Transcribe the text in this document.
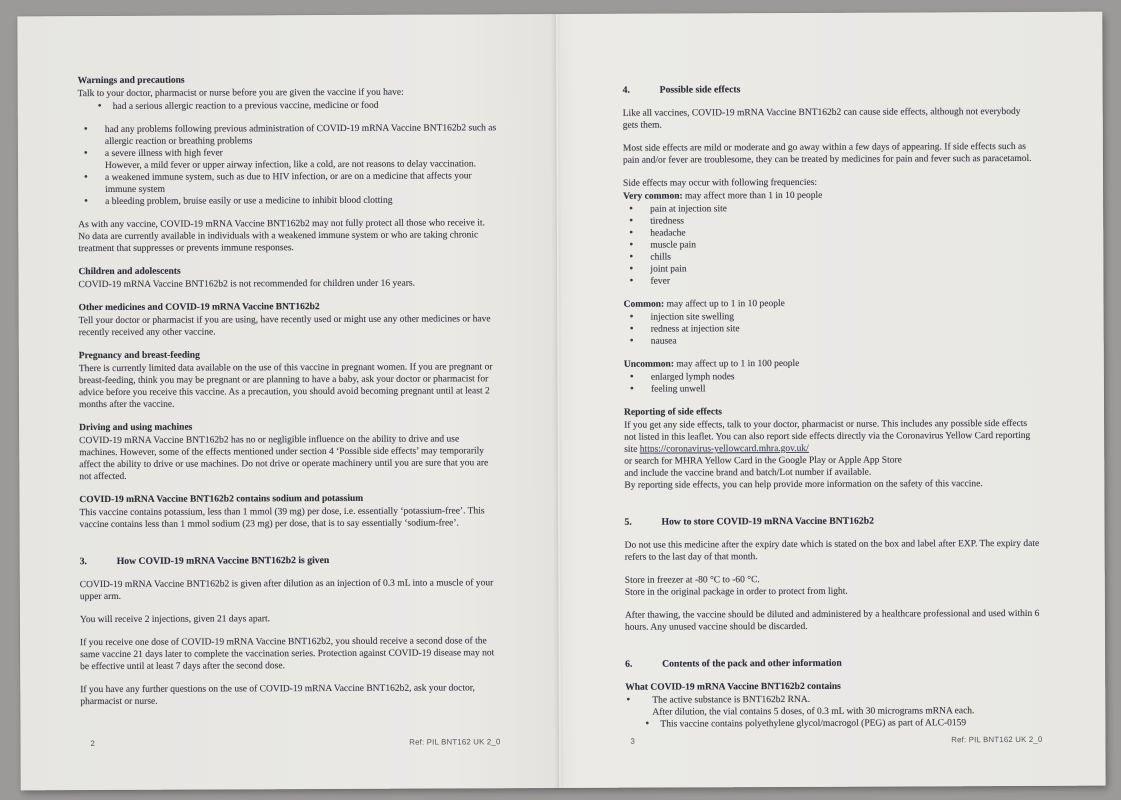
Warnings and precautions

Talk to your doctor, pharmacist or nurse before you are given the vaccine if you have:

• had a serious allergic reaction to a previous vaccine, medicine or food
• had any problems following previous administration of COVID-19 mRNA Vaccine BNT162b2 such as allergic reaction or breathing problems
• a severe illness with high fever
However, a mild fever or upper airway infection, like a cold, are not reasons to delay vaccination.
• a weakened immune system, such as due to HIV infection, or are on a medicine that affects your immune system
• a bleeding problem, bruise easily or use a medicine to inhibit blood clotting

As with any vaccine, COVID-19 mRNA Vaccine BNT162b2 may not fully protect all those who receive it. No data are currently available in individuals with a weakened immune system or who are taking chronic treatment that suppresses or prevents immune responses.

Children and adolescents

COVID-19 mRNA Vaccine BNT162b2 is not recommended for children under 16 years.

Other medicines and COVID-19 mRNA Vaccine BNT162b2

Tell your doctor or pharmacist if you are using, have recently used or might use any other medicines or have recently received any other vaccine.

Pregnancy and breast-feeding

There is currently limited data available on the use of this vaccine in pregnant women. If you are pregnant or breast-feeding, think you may be pregnant or are planning to have a baby, ask your doctor or pharmacist for advice before you receive this vaccine. As a precaution, you should avoid becoming pregnant until at least 2 months after the vaccine.

Driving and using machines

COVID-19 mRNA Vaccine BNT162b2 has no or negligible influence on the ability to drive and use machines. However, some of the effects mentioned under section 4 ‘Possible side effects’ may temporarily affect the ability to drive or use machines. Do not drive or operate machinery until you are sure that you are not affected.

COVID-19 mRNA Vaccine BNT162b2 contains sodium and potassium

This vaccine contains potassium, less than 1 mmol (39 mg) per dose, i.e. essentially ‘potassium-free’. This vaccine contains less than 1 mmol sodium (23 mg) per dose, that is to say essentially ‘sodium-free’.

3.	How COVID-19 mRNA Vaccine BNT162b2 is given

COVID-19 mRNA Vaccine BNT162b2 is given after dilution as an injection of 0.3 mL into a muscle of your upper arm.

You will receive 2 injections, given 21 days apart.

If you receive one dose of COVID-19 mRNA Vaccine BNT162b2, you should receive a second dose of the same vaccine 21 days later to complete the vaccination series. Protection against COVID-19 disease may not be effective until at least 7 days after the second dose.

If you have any further questions on the use of COVID-19 mRNA Vaccine BNT162b2, ask your doctor, pharmacist or nurse.

2	Ref: PIL BNT162 UK 2_0
4.	Possible side effects

Like all vaccines, COVID-19 mRNA Vaccine BNT162b2 can cause side effects, although not everybody gets them.

Most side effects are mild or moderate and go away within a few days of appearing. If side effects such as pain and/or fever are troublesome, they can be treated by medicines for pain and fever such as paracetamol.

Side effects may occur with following frequencies:

Very common: may affect more than 1 in 10 people

• pain at injection site
• tiredness
• headache
• muscle pain
• chills
• joint pain
• fever

Common: may affect up to 1 in 10 people

• injection site swelling
• redness at injection site
• nausea

Uncommon: may affect up to 1 in 100 people

• enlarged lymph nodes
• feeling unwell
Reporting of side effects

If you get any side effects, talk to your doctor, pharmacist or nurse. This includes any possible side effects not listed in this leaflet. You can also report side effects directly via the Coronavirus Yellow Card reporting site https://coronavirus-yellowcard.mhra.gov.uk/
or search for MHRA Yellow Card in the Google Play or Apple App Store
and include the vaccine brand and batch/Lot number if available.
By reporting side effects, you can help provide more information on the safety of this vaccine.

5.	How to store COVID-19 mRNA Vaccine BNT162b2

Do not use this medicine after the expiry date which is stated on the box and label after EXP. The expiry date refers to the last day of that month.

Store in freezer at -80 °C to -60 °C.
Store in the original package in order to protect from light.

After thawing, the vaccine should be diluted and administered by a healthcare professional and used within 6 hours. Any unused vaccine should be discarded.

6.	Contents of the pack and other information
What COVID-19 mRNA Vaccine BNT162b2 contains
• The active substance is BNT162b2 RNA.
After dilution, the vial contains 5 doses, of 0.3 mL with 30 micrograms mRNA each.
• This vaccine contains polyethylene glycol/macrogol (PEG) as part of ALC-0159
3	Ref: PIL BNT162 UK 2_0
